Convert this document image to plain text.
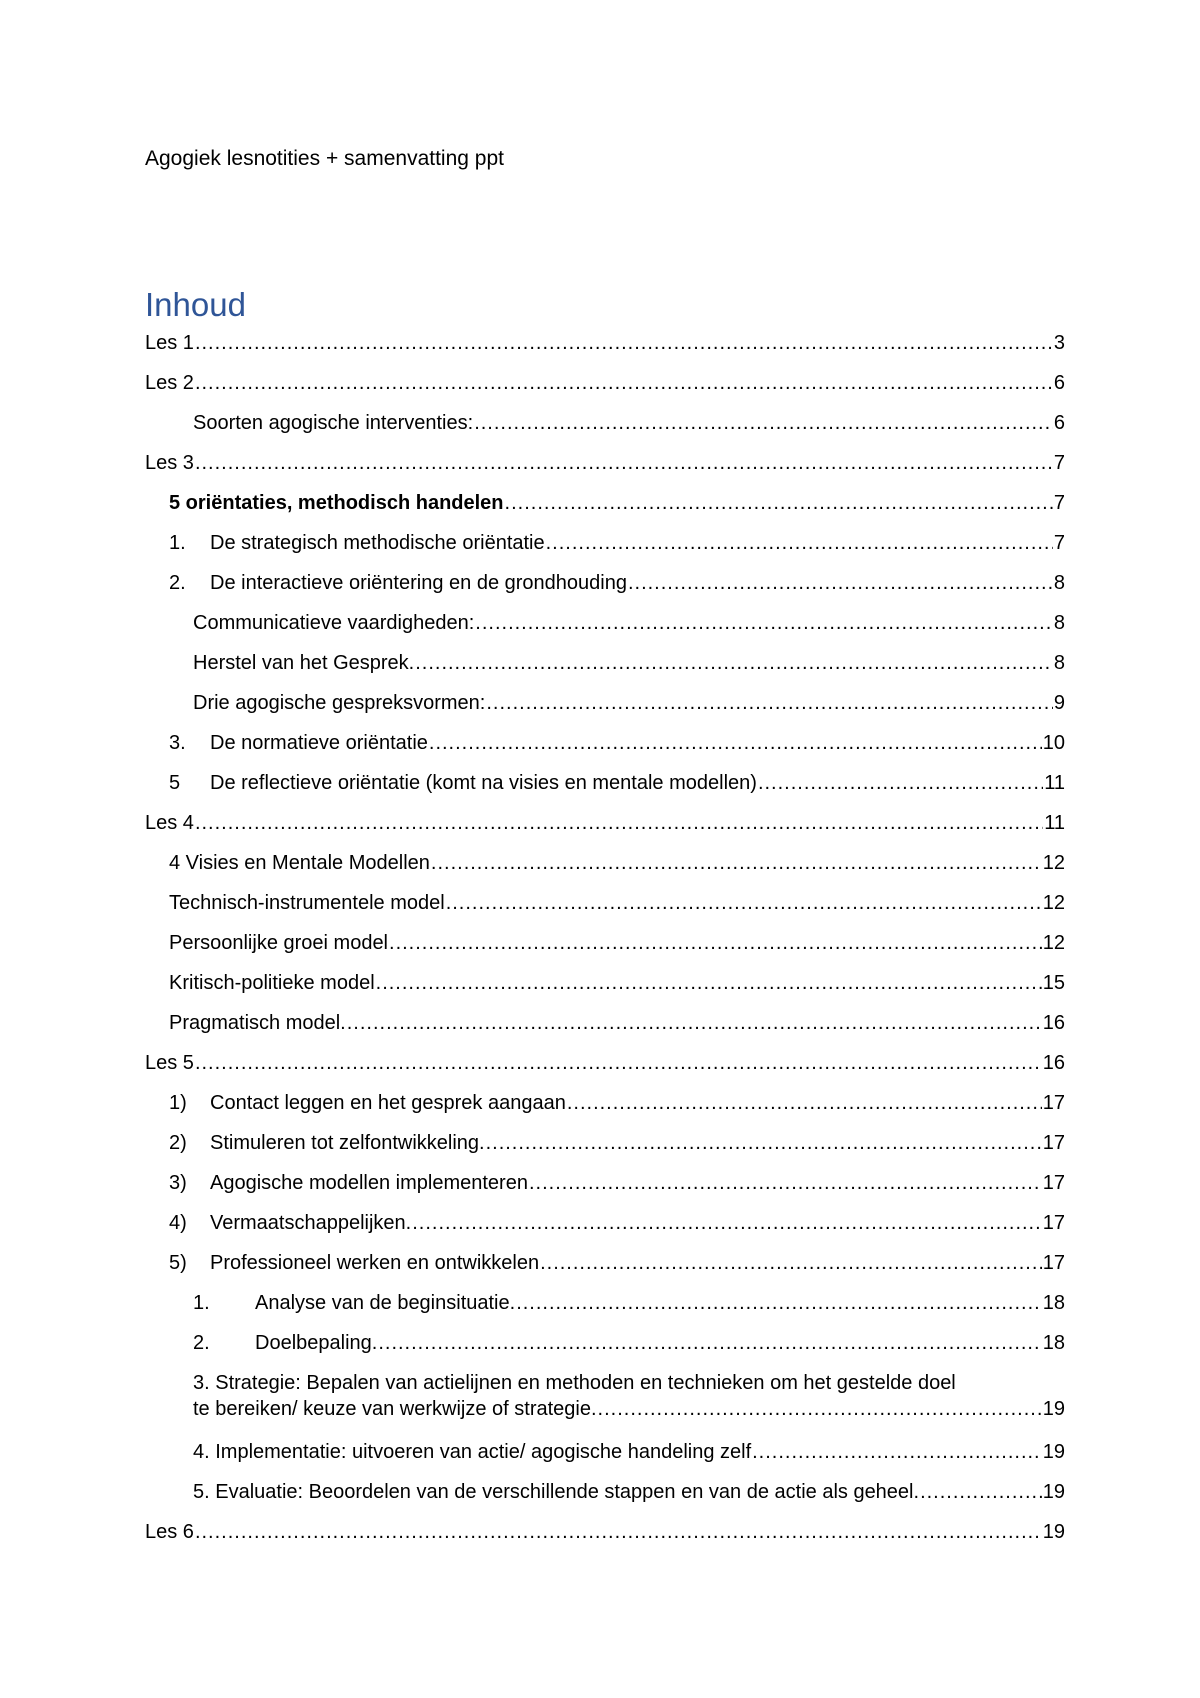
Agogiek lesnotities + samenvatting ppt
Inhoud
Les 1 .....	3
Les 2 .....	6
Soorten agogische interventies: .....	6
Les 3 .....	7
5 oriëntaties, methodisch handelen .....	7
1.	De strategisch methodische oriëntatie .....	7
2.	De interactieve oriëntering en de grondhouding .....	8
Communicatieve vaardigheden: .....	8
Herstel van het Gesprek. .....	8
Drie agogische gespreksvormen: .....	9
3.	De normatieve oriëntatie .....	10
5	De reflectieve oriëntatie (komt na visies en mentale modellen) .....	11
Les 4 .....	11
4 Visies en Mentale Modellen .....	12
Technisch-instrumentele model .....	12
Persoonlijke groei model .....	12
Kritisch-politieke model .....	15
Pragmatisch model. .....	16
Les 5 .....	16
1)	Contact leggen en het gesprek aangaan .....	17
2)	Stimuleren tot zelfontwikkeling. .....	17
3)	Agogische modellen implementeren .....	17
4)	Vermaatschappelijken. .....	17
5)	Professioneel werken en ontwikkelen .....	17
1.	Analyse van de beginsituatie. .....	18
2.	Doelbepaling. .....	18
3. Strategie: Bepalen van actielijnen en methoden en technieken om het gestelde doel
te bereiken/ keuze van werkwijze of strategie. .....	19
4. Implementatie: uitvoeren van actie/ agogische handeling zelf .....	19
5. Evaluatie: Beoordelen van de verschillende stappen en van de actie als geheel. .....	19
Les 6 .....	19
